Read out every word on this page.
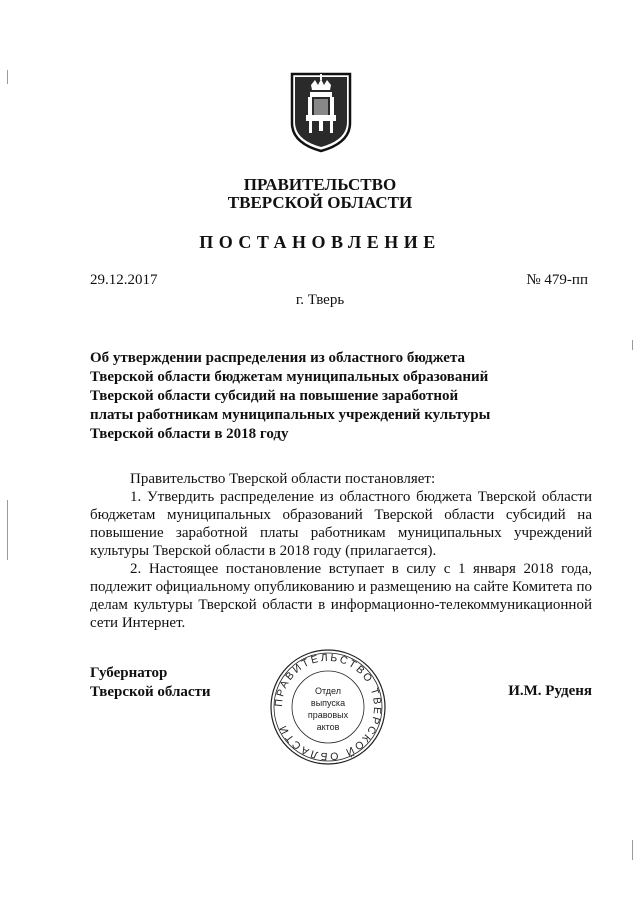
ПРАВИТЕЛЬСТВО
ТВЕРСКОЙ ОБЛАСТИ
ПОСТАНОВЛЕНИЕ
29.12.2017	№ 479-пп
г. Тверь
Об утверждении распределения из областного бюджета
Тверской области бюджетам муниципальных образований
Тверской области субсидий на повышение заработной
платы работникам муниципальных учреждений культуры
Тверской области в 2018 году

Правительство Тверской области постановляет:

1. Утвердить распределение из областного бюджета Тверской области бюджетам муниципальных образований Тверской области субсидий на повышение заработной платы работникам муниципальных учреждений культуры Тверской области в 2018 году (прилагается).

2. Настоящее постановление вступает в силу с 1 января 2018 года, подлежит официальному опубликованию и размещению на сайте Комитета по делам культуры Тверской области в информационно-телекоммуникационной сети Интернет.

Губернатор
Тверской области
ПРАВИТЕЛЬСТВО ТВЕРСКОЙ ОБЛАСТИ
Отдел
выпуска
правовых
актов
И.М. Руденя
